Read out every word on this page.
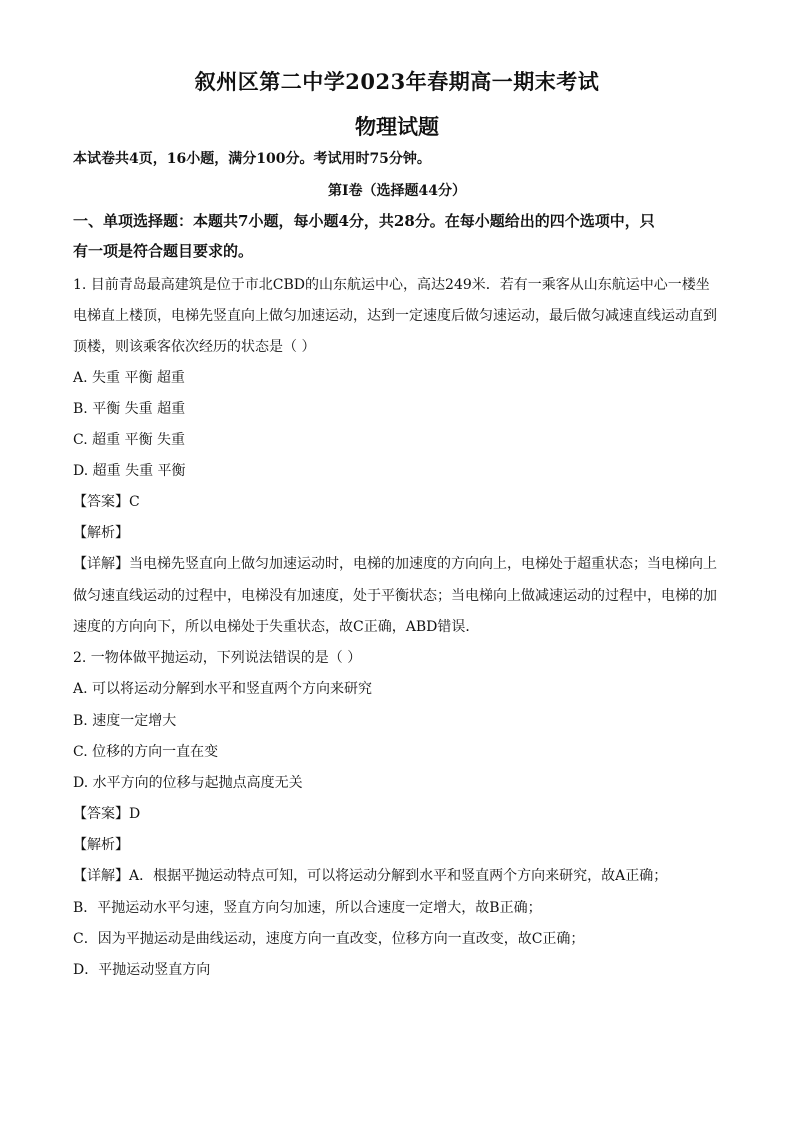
叙州区第二中学2023年春期高一期末考试
物理试题
本试卷共4页，16小题，满分100分。考试用时75分钟。
第Ⅰ卷（选择题44分）
一、单项选择题：本题共7小题，每小题4分，共28分。在每小题给出的四个选项中，只
有一项是符合题目要求的。
1. 目前青岛最高建筑是位于市北CBD的山东航运中心，高达249米．若有一乘客从山东航运中心一楼坐
电梯直上楼顶，电梯先竖直向上做匀加速运动，达到一定速度后做匀速运动，最后做匀减速直线运动直到
顶楼，则该乘客依次经历的状态是（ ）
A. 失重 平衡 超重
B. 平衡 失重 超重
C. 超重 平衡 失重
D. 超重 失重 平衡
【答案】C
【解析】
【详解】当电梯先竖直向上做匀加速运动时，电梯的加速度的方向向上，电梯处于超重状态；当电梯向上
做匀速直线运动的过程中，电梯没有加速度，处于平衡状态；当电梯向上做减速运动的过程中，电梯的加
速度的方向向下，所以电梯处于失重状态，故C正确，ABD错误．
2. 一物体做平抛运动，下列说法错误的是（ ）
A. 可以将运动分解到水平和竖直两个方向来研究
B. 速度一定增大
C. 位移的方向一直在变
D. 水平方向的位移与起抛点高度无关
【答案】D
【解析】
【详解】A．根据平抛运动特点可知，可以将运动分解到水平和竖直两个方向来研究，故A正确；
B．平抛运动水平匀速，竖直方向匀加速，所以合速度一定增大，故B正确；
C．因为平抛运动是曲线运动，速度方向一直改变，位移方向一直改变，故C正确；
D．平抛运动竖直方向
